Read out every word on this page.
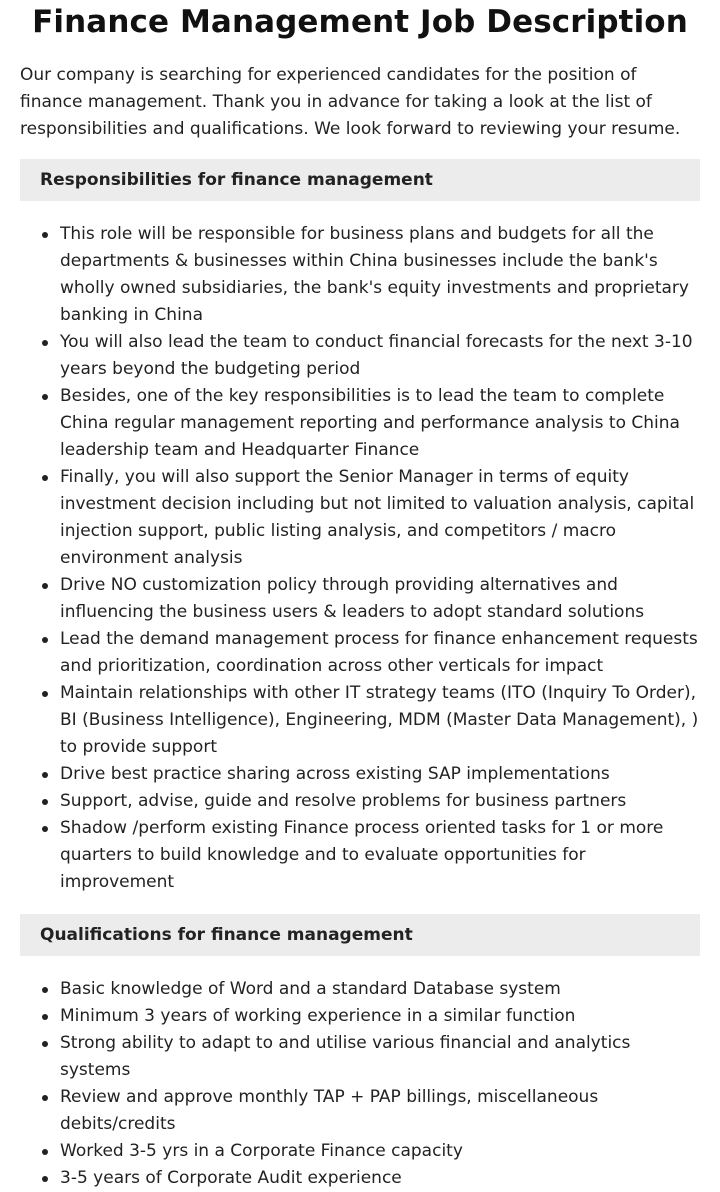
Finance Management Job Description

Our company is searching for experienced candidates for the position of finance management. Thank you in advance for taking a look at the list of responsibilities and qualifications. We look forward to reviewing your resume.

Responsibilities for finance management
This role will be responsible for business plans and budgets for all the departments & businesses within China businesses include the bank's wholly owned subsidiaries, the bank's equity investments and proprietary banking in China
You will also lead the team to conduct financial forecasts for the next 3-10 years beyond the budgeting period
Besides, one of the key responsibilities is to lead the team to complete China regular management reporting and performance analysis to China leadership team and Headquarter Finance
Finally, you will also support the Senior Manager in terms of equity investment decision including but not limited to valuation analysis, capital injection support, public listing analysis, and competitors / macro environment analysis
Drive NO customization policy through providing alternatives and influencing the business users & leaders to adopt standard solutions
Lead the demand management process for finance enhancement requests and prioritization, coordination across other verticals for impact
Maintain relationships with other IT strategy teams (ITO (Inquiry To Order), BI (Business Intelligence), Engineering, MDM (Master Data Management), ) to provide support
Drive best practice sharing across existing SAP implementations
Support, advise, guide and resolve problems for business partners
Shadow /perform existing Finance process oriented tasks for 1 or more quarters to build knowledge and to evaluate opportunities for improvement
Qualifications for finance management
Basic knowledge of Word and a standard Database system
Minimum 3 years of working experience in a similar function
Strong ability to adapt to and utilise various financial and analytics systems
Review and approve monthly TAP + PAP billings, miscellaneous debits/credits
Worked 3-5 yrs in a Corporate Finance capacity
3-5 years of Corporate Audit experience
